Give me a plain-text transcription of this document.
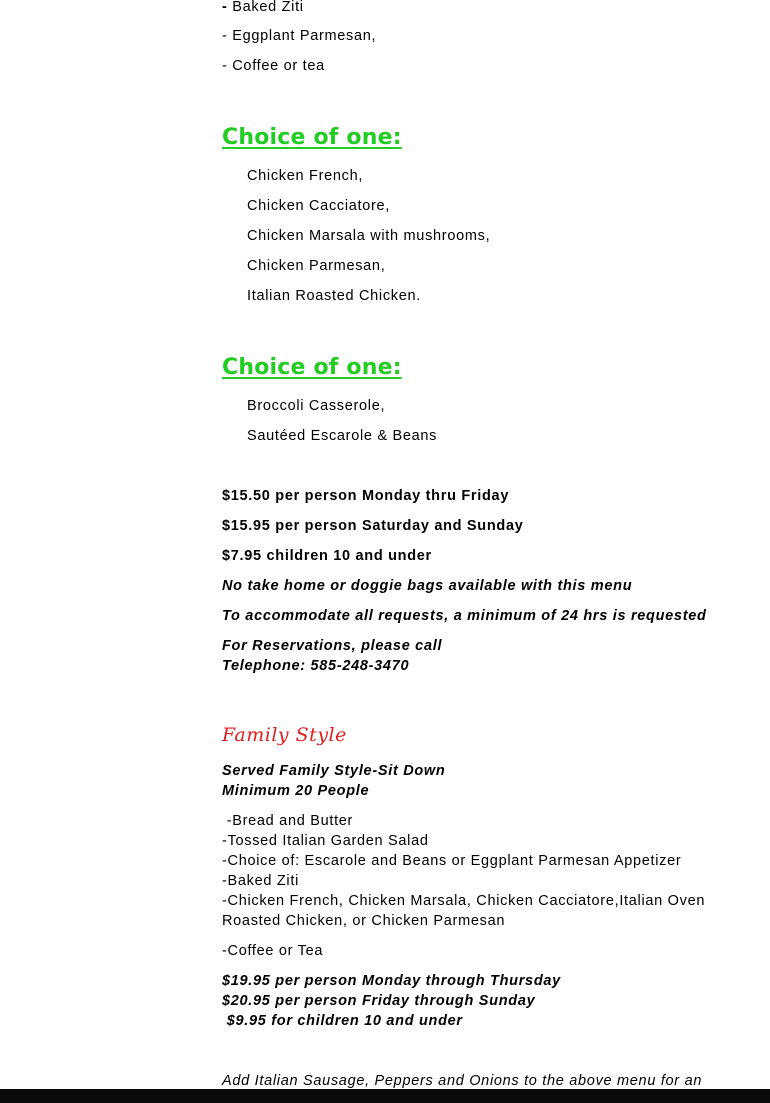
- Baked Ziti
- Eggplant Parmesan,
- Coffee or tea
Choice of one:
Chicken French,
Chicken Cacciatore,
Chicken Marsala with mushrooms,
Chicken Parmesan,
Italian Roasted Chicken.
Choice of one:
Broccoli Casserole,
Sautéed Escarole & Beans
$15.50 per person Monday thru Friday
$15.95 per person Saturday and Sunday
$7.95 children 10 and under
No take home or doggie bags available with this menu
To accommodate all requests, a minimum of 24 hrs is requested
For Reservations, please call
Telephone: 585-248-3470
Family Style
Served Family Style-Sit Down
Minimum 20 People
-Bread and Butter
-Tossed Italian Garden Salad
-Choice of: Escarole and Beans or Eggplant Parmesan Appetizer
-Baked Ziti
-Chicken French, Chicken Marsala, Chicken Cacciatore,Italian Oven
Roasted Chicken, or Chicken Parmesan
-Coffee or Tea
$19.95 per person Monday through Thursday
$20.95 per person Friday through Sunday
$9.95 for children 10 and under
Add Italian Sausage, Peppers and Onions to the above menu for an
